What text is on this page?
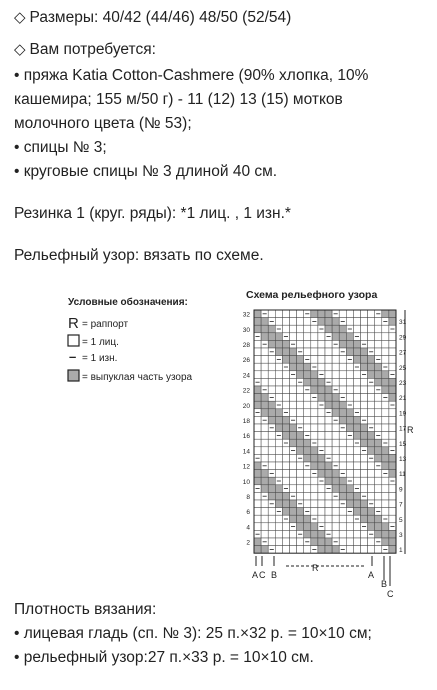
◇ Размеры: 40/42 (44/46) 48/50 (52/54)
◇ Вам потребуется:
• пряжа Katia Cotton-Cashmere (90% хлопка, 10%
кашемира; 155 м/50 г) - 11 (12) 13 (15) мотков
молочного цвета (№ 53);
• спицы № 3;
• круговые спицы № 3 длиной 40 см.
Резинка 1 (круг. ряды): *1 лиц. , 1 изн.*
Рельефный узор: вязать по схеме.
Условные обозначения:
R = раппорт
= 1 лиц.
– = 1 изн.
= выпуклая часть узора
Схема рельефного узора
2
4
6
8
10
12
14
16
18
20
22
24
26
28
30
32
1
3
5
7
9
11
13
15
17
19
21
23
25
27
29
31
R
A C B
R
A
B
C
Плотность вязания:
• лицевая гладь (сп. № 3): 25 п.×32 р. = 10×10 см;
• рельефный узор:27 п.×33 р. = 10×10 см.
